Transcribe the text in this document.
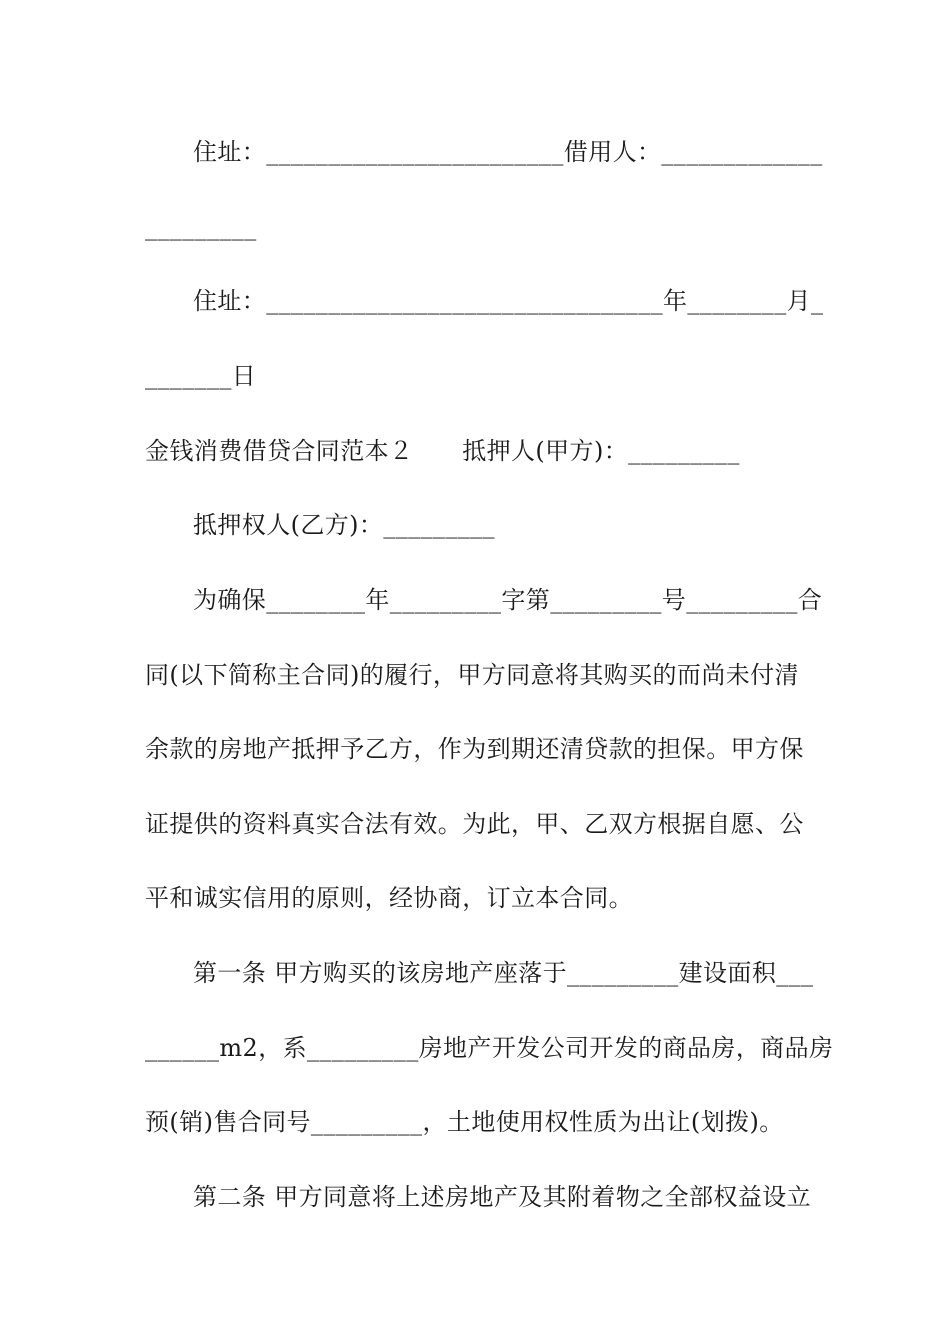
住址：________________________借用人：_____________
_________
住址：________________________________年________月_
_______日
金钱消费借贷合同范本２　　抵押人(甲方)：_________
抵押权人(乙方)：_________
为确保________年_________字第_________号_________合
同(以下简称主合同)的履行，甲方同意将其购买的而尚未付清
余款的房地产抵押予乙方，作为到期还清贷款的担保。甲方保
证提供的资料真实合法有效。为此，甲、乙双方根据自愿、公
平和诚实信用的原则，经协商，订立本合同。
第一条 甲方购买的该房地产座落于_________建设面积___
______m2，系_________房地产开发公司开发的商品房，商品房
预(销)售合同号_________，土地使用权性质为出让(划拨)。
第二条 甲方同意将上述房地产及其附着物之全部权益设立
